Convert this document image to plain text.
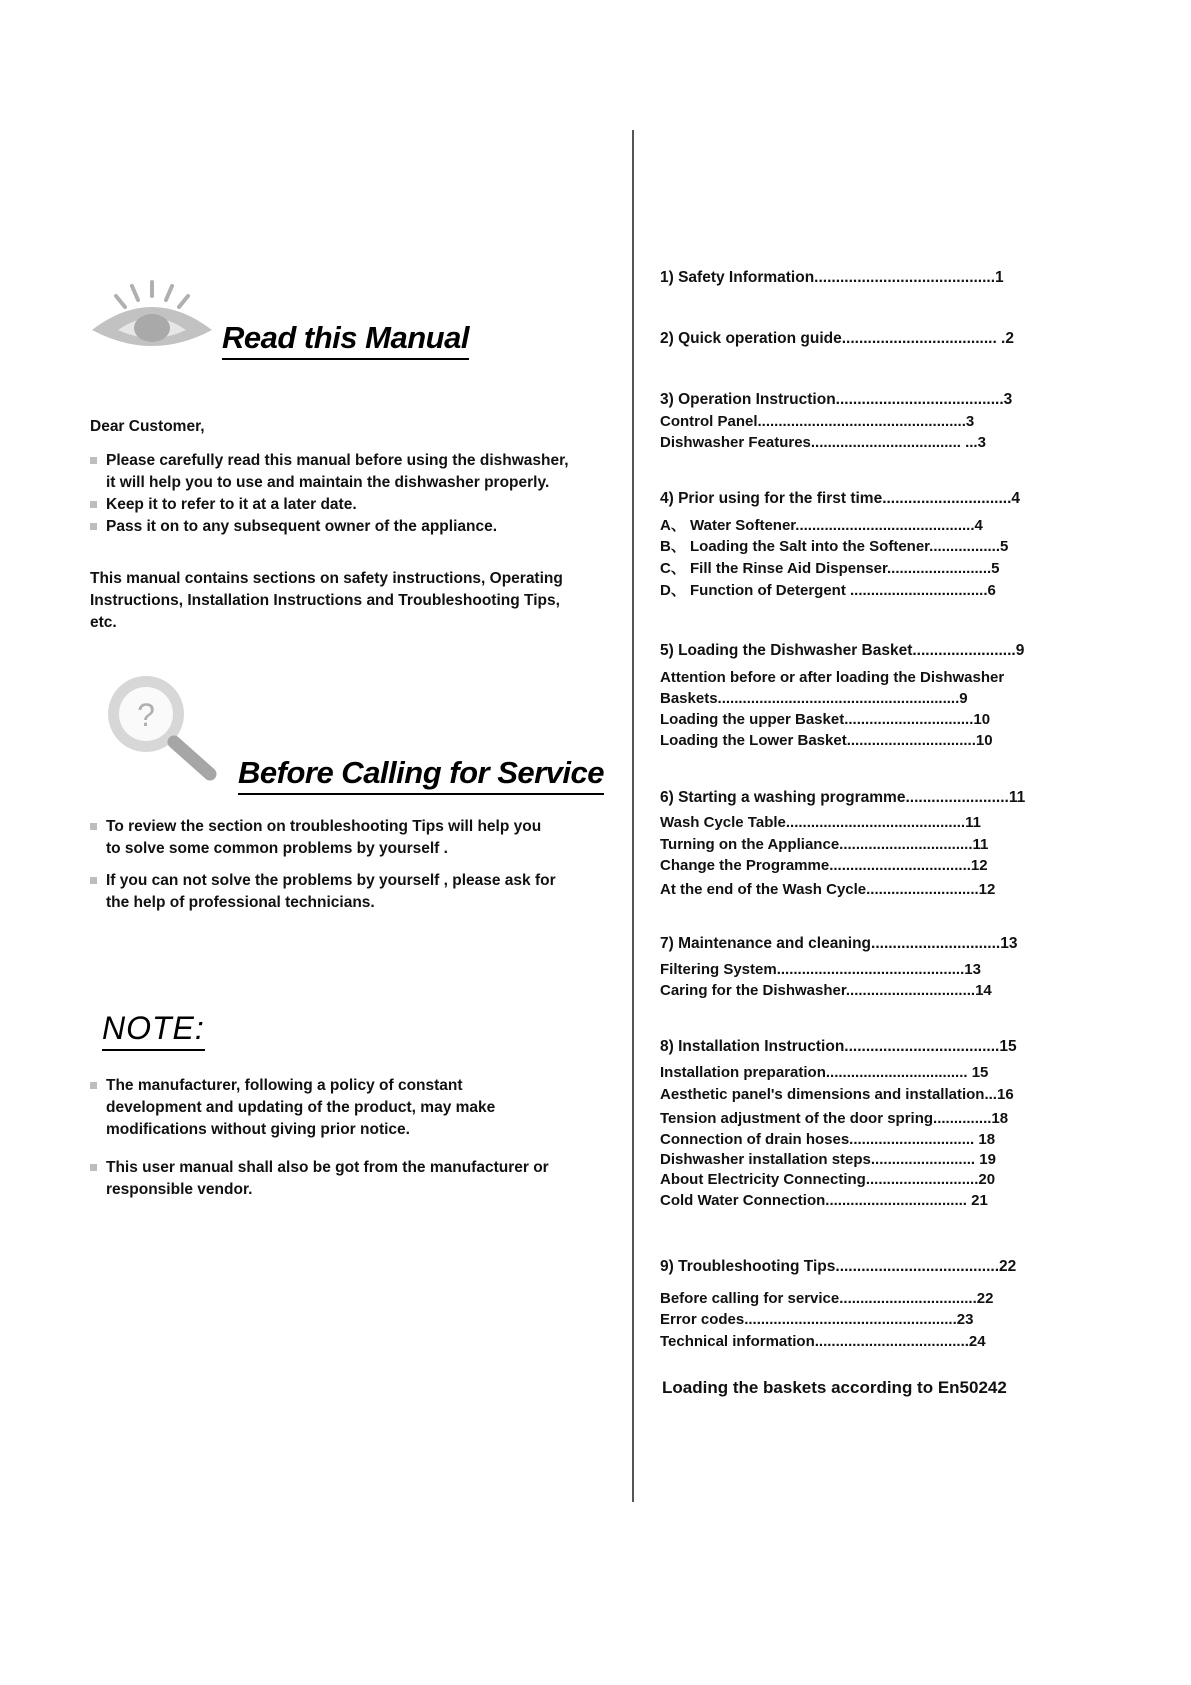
Read this Manual
Dear Customer,

Please carefully read this manual before using the dishwasher, it will help you to use and maintain the dishwasher properly.

Keep it to refer to it at a later date.

Pass it on to any subsequent owner of the appliance.

This manual contains sections on safety instructions, Operating Instructions, Installation Instructions and Troubleshooting Tips, etc.
?
Before Calling for Service

To review the section on troubleshooting Tips will help you to solve some common problems by yourself .

If you can not solve the problems by yourself , please ask for the help of professional technicians.

NOTE:

The manufacturer, following a policy of constant development and updating of the product, may make modifications without giving prior notice.

This user manual shall also be got from the manufacturer or responsible vendor.

1) Safety Information..........................................1
2) Quick operation guide.................................... .2
3) Operation Instruction.......................................3
Control Panel..................................................3
Dishwasher Features.................................... ...3
4) Prior using for the first time..............................4
A、 Water Softener...........................................4
B、 Loading the Salt into the Softener.................5
C、 Fill the Rinse Aid Dispenser.........................5
D、 Function of Detergent .................................6
5) Loading the Dishwasher Basket........................9
Attention before or after loading the Dishwasher
Baskets..........................................................9
Loading the upper Basket...............................10
Loading the Lower Basket...............................10
6) Starting a washing programme........................11
Wash Cycle Table...........................................11
Turning on the Appliance................................11
Change the Programme..................................12
At the end of the Wash Cycle...........................12
7) Maintenance and cleaning..............................13
Filtering System.............................................13
Caring for the Dishwasher...............................14
8) Installation Instruction....................................15
Installation preparation.................................. 15
Aesthetic panel's dimensions and installation...16
Tension adjustment of the door spring..............18
Connection of drain hoses.............................. 18
Dishwasher installation steps......................... 19
About Electricity Connecting...........................20
Cold Water Connection.................................. 21
9) Troubleshooting Tips......................................22
Before calling for service.................................22
Error codes...................................................23
Technical information.....................................24
Loading the baskets according to En50242
